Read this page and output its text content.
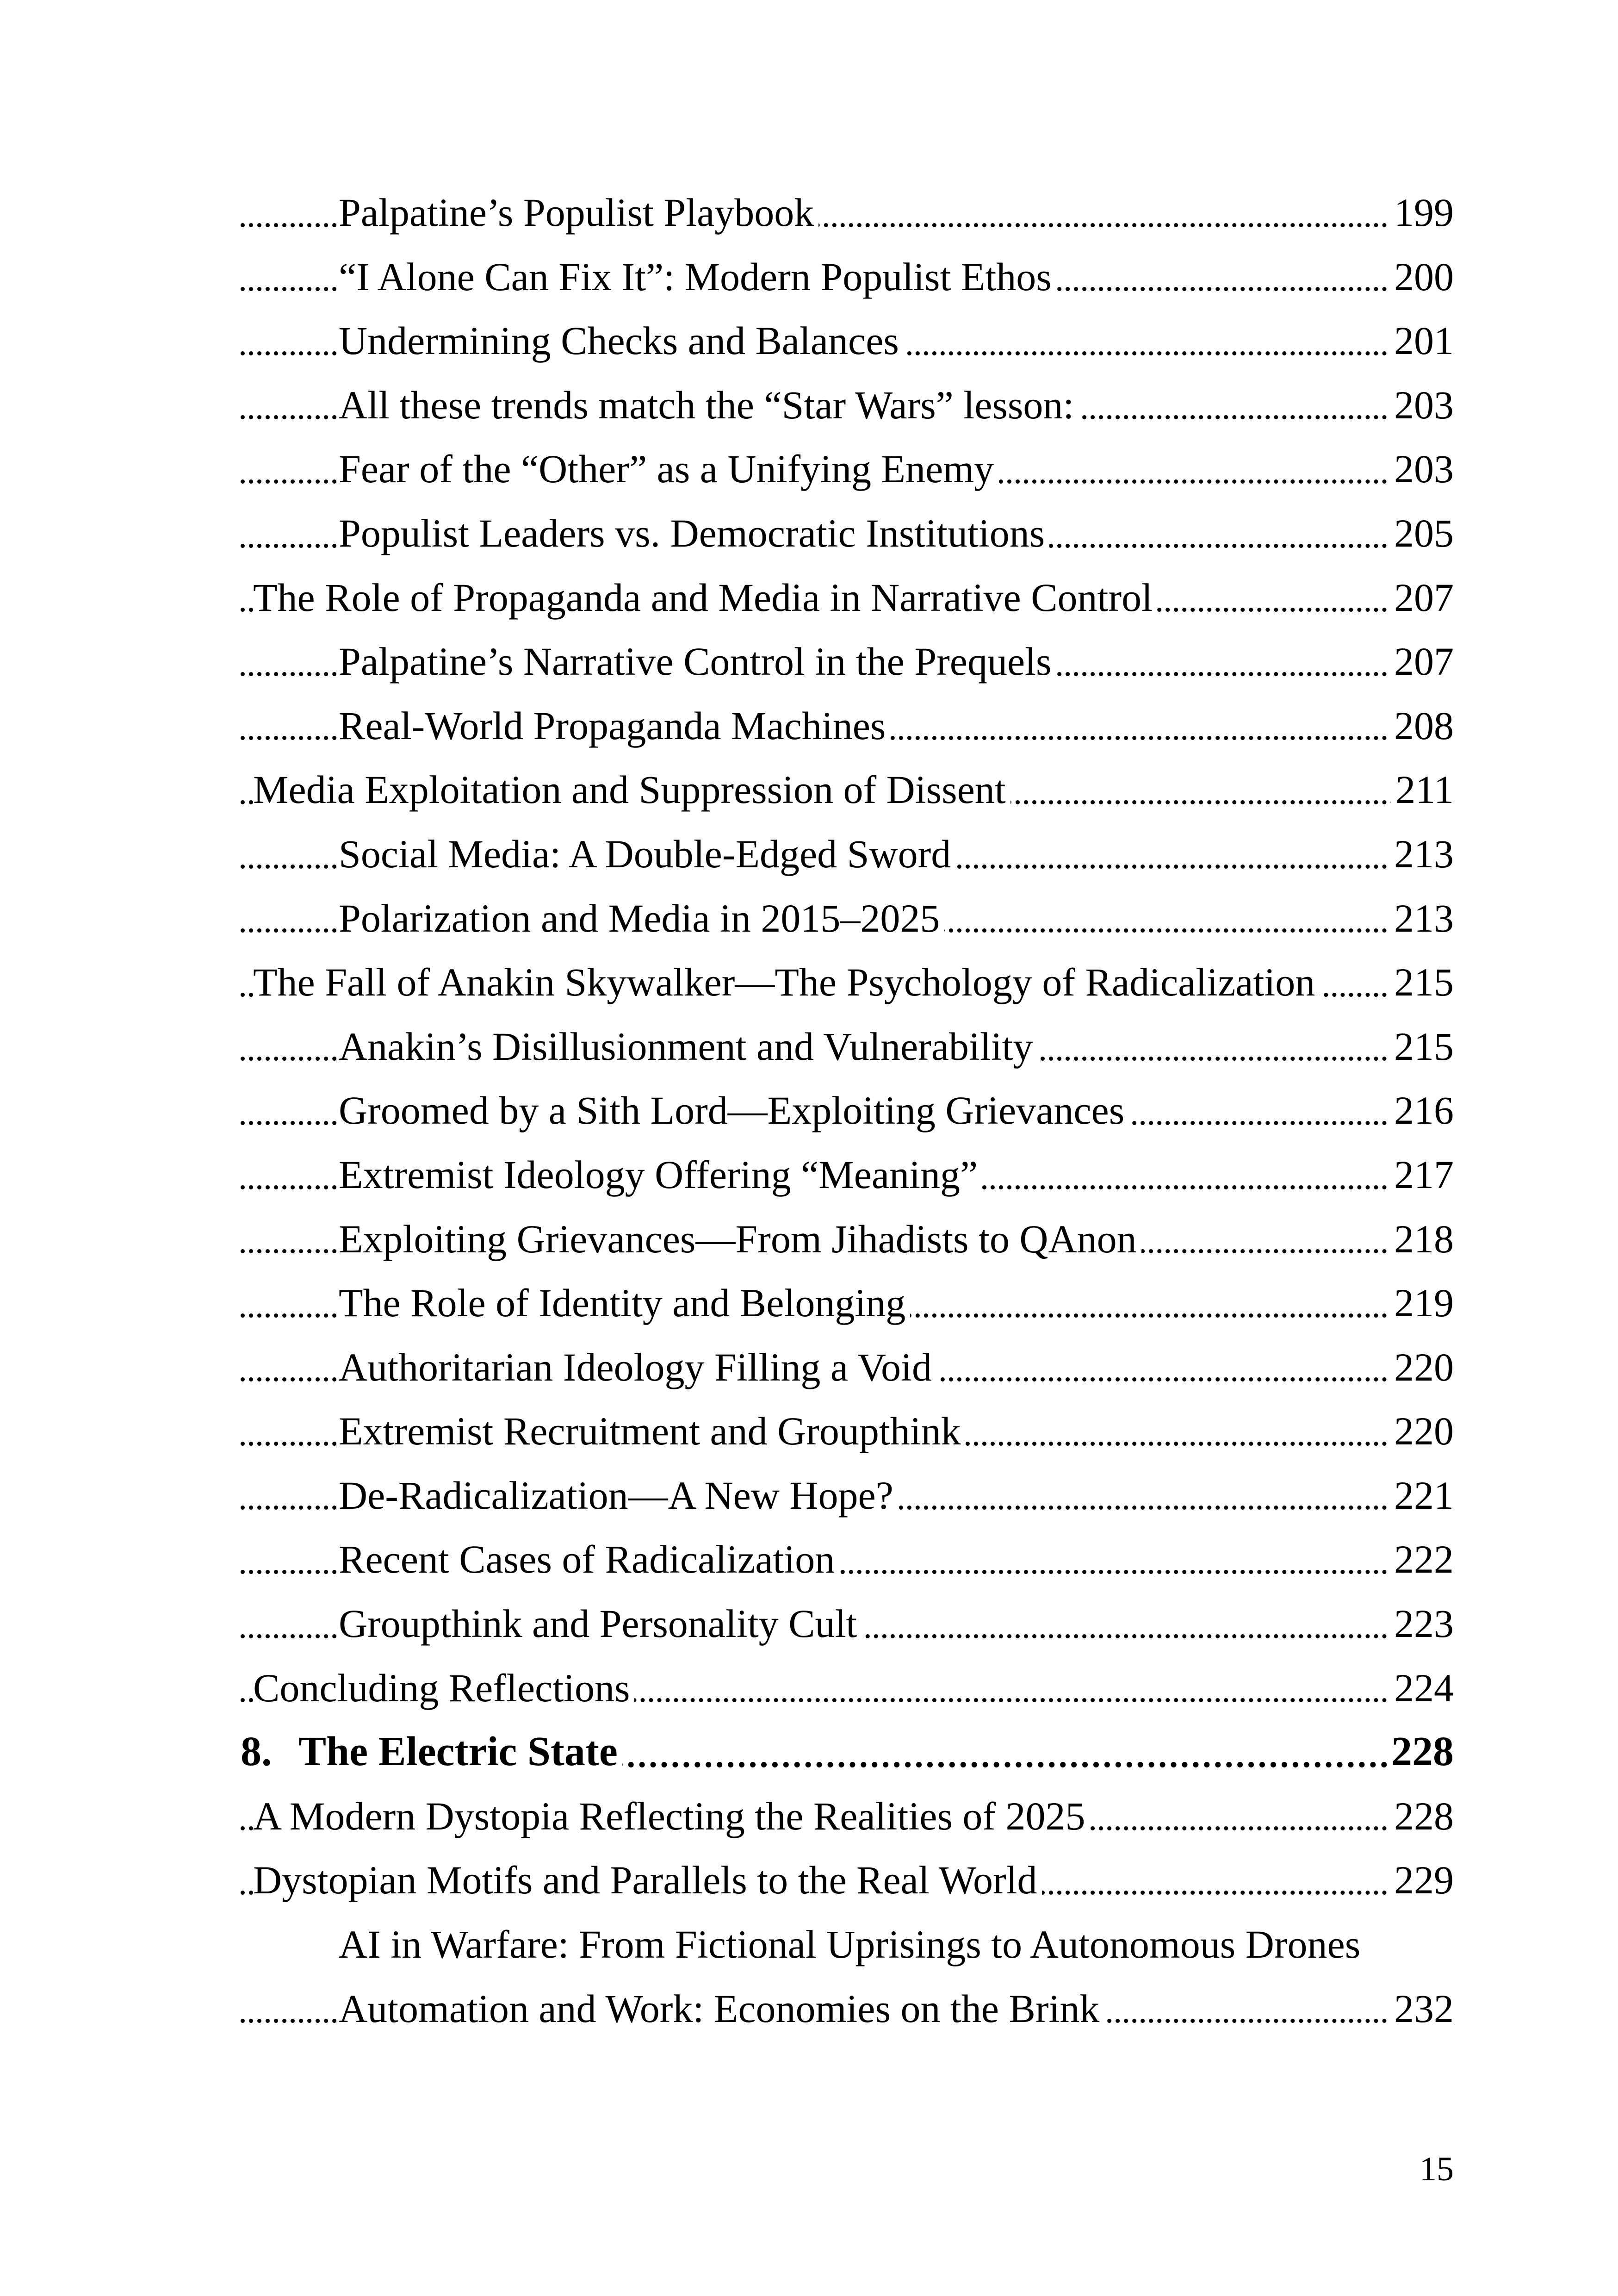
Palpatine’s Populist Playbook	199
“I Alone Can Fix It”: Modern Populist Ethos	200
Undermining Checks and Balances	201
All these trends match the “Star Wars” lesson:	203
Fear of the “Other” as a Unifying Enemy	203
Populist Leaders vs. Democratic Institutions	205
The Role of Propaganda and Media in Narrative Control	207
Palpatine’s Narrative Control in the Prequels	207
Real-World Propaganda Machines	208
Media Exploitation and Suppression of Dissent	211
Social Media: A Double-Edged Sword	213
Polarization and Media in 2015–2025	213
The Fall of Anakin Skywalker—The Psychology of Radicalization 215
Anakin’s Disillusionment and Vulnerability	215
Groomed by a Sith Lord—Exploiting Grievances	216
Extremist Ideology Offering “Meaning”	217
Exploiting Grievances—From Jihadists to QAnon	218
The Role of Identity and Belonging	219
Authoritarian Ideology Filling a Void	220
Extremist Recruitment and Groupthink	220
De-Radicalization—A New Hope?	221
Recent Cases of Radicalization	222
Groupthink and Personality Cult	223
Concluding Reflections	224
8. The Electric State	228
A Modern Dystopia Reflecting the Realities of 2025	228
Dystopian Motifs and Parallels to the Real World	229
AI in Warfare: From Fictional Uprisings to Autonomous Drones
Automation and Work: Economies on the Brink	232
15
